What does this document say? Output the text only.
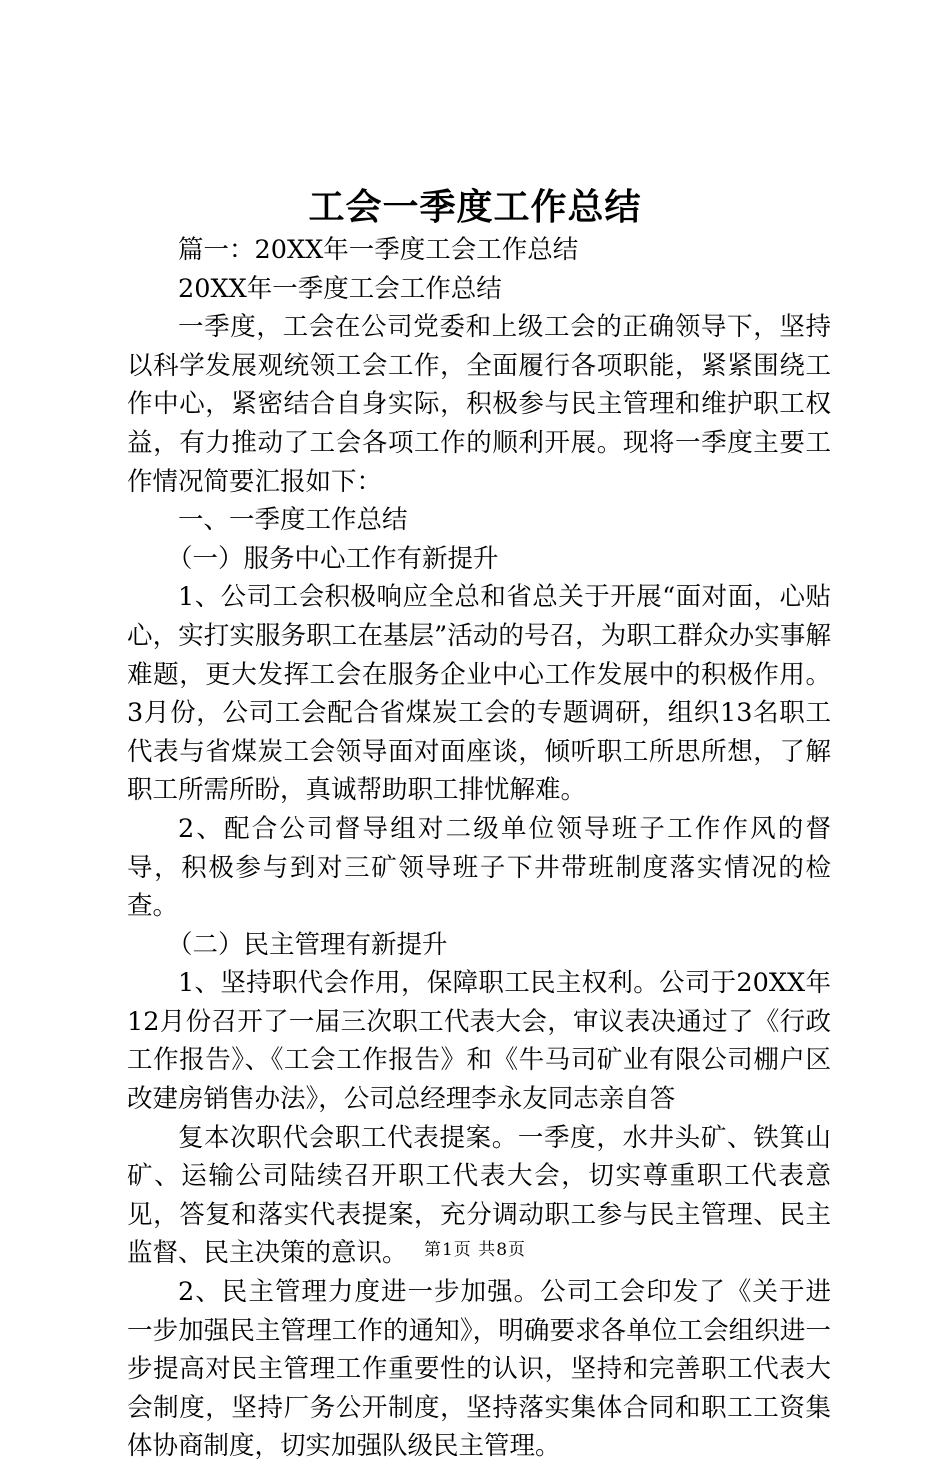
工会一季度工作总结

篇一：20XX年一季度工会工作总结

20XX年一季度工会工作总结

一季度，工会在公司党委和上级工会的正确领导下，坚持以科学发展观统领工会工作，全面履行各项职能，紧紧围绕工作中心，紧密结合自身实际，积极参与民主管理和维护职工权益，有力推动了工会各项工作的顺利开展。现将一季度主要工作情况简要汇报如下：

一、一季度工作总结

（一）服务中心工作有新提升

1、公司工会积极响应全总和省总关于开展“面对面，心贴心，实打实服务职工在基层”活动的号召，为职工群众办实事解难题，更大发挥工会在服务企业中心工作发展中的积极作用。3月份，公司工会配合省煤炭工会的专题调研，组织13名职工代表与省煤炭工会领导面对面座谈，倾听职工所思所想，了解职工所需所盼，真诚帮助职工排忧解难。

2、配合公司督导组对二级单位领导班子工作作风的督导，积极参与到对三矿领导班子下井带班制度落实情况的检查。

（二）民主管理有新提升

1、坚持职代会作用，保障职工民主权利。公司于20XX年12月份召开了一届三次职工代表大会，审议表决通过了《行政工作报告》、《工会工作报告》和《牛马司矿业有限公司棚户区改建房销售办法》，公司总经理李永友同志亲自答

复本次职代会职工代表提案。一季度，水井头矿、铁箕山矿、运输公司陆续召开职工代表大会，切实尊重职工代表意见，答复和落实代表提案，充分调动职工参与民主管理、民主监督、民主决策的意识。

2、民主管理力度进一步加强。公司工会印发了《关于进一步加强民主管理工作的通知》，明确要求各单位工会组织进一步提高对民主管理工作重要性的认识，坚持和完善职工代表大会制度，坚持厂务公开制度，坚持落实集体合同和职工工资集体协商制度，切实加强队级民主管理。

第1页 共8页
